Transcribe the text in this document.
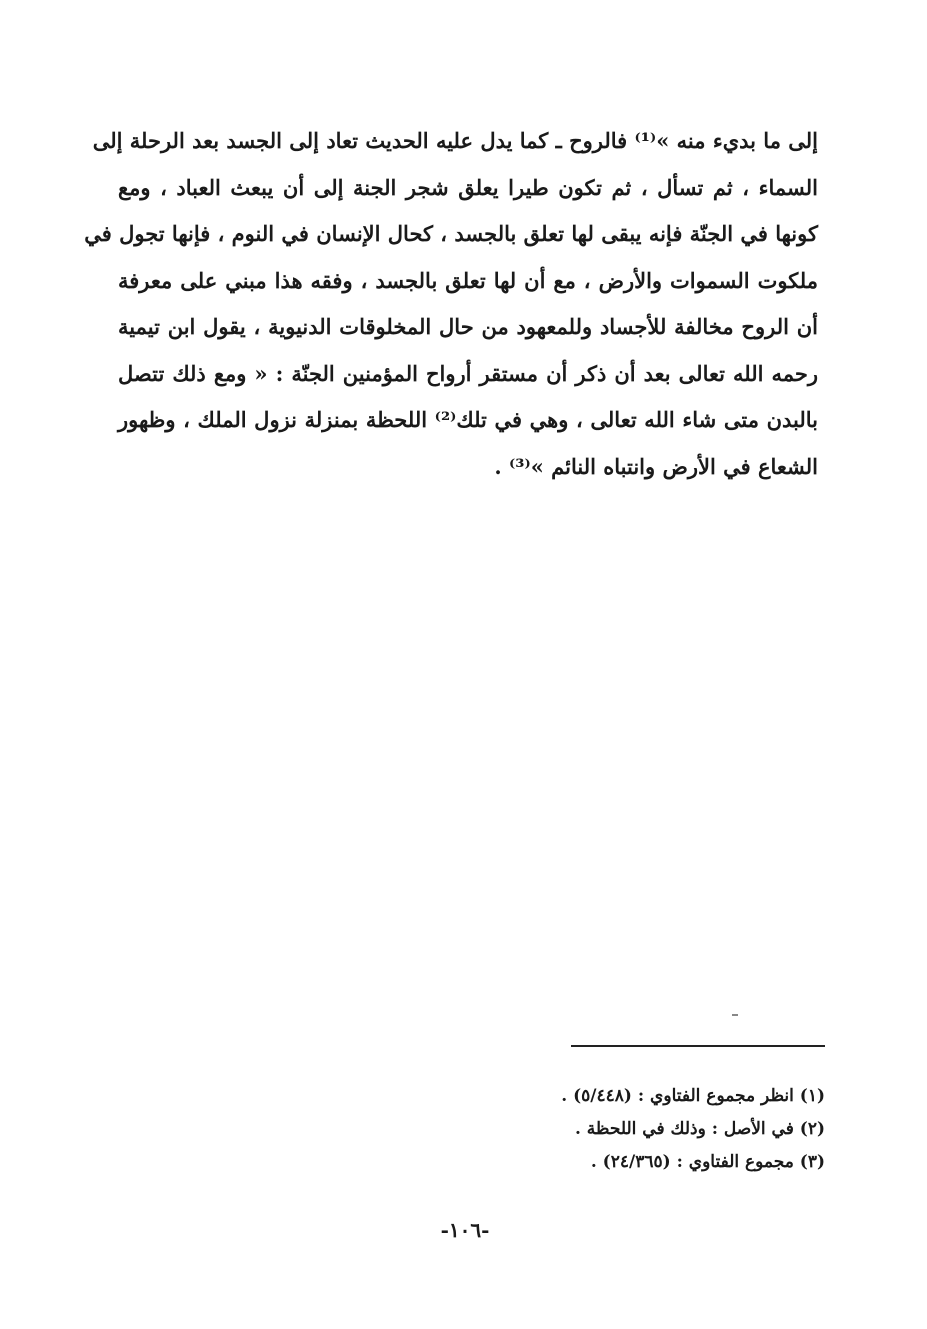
إلى ما بديء منه »⁽¹⁾ فالروح ـ كما يدل عليه الحديث تعاد إلى الجسد بعد الرحلة إلى
السماء ، ثم تسأل ، ثم تكون طيرا يعلق شجر الجنة إلى أن يبعث العباد ، ومع
كونها في الجنّة فإنه يبقى لها تعلق بالجسد ، كحال الإنسان في النوم ، فإنها تجول في
ملكوت السموات والأرض ، مع أن لها تعلق بالجسد ، وفقه هذا مبني على معرفة
أن الروح مخالفة للأجساد وللمعهود من حال المخلوقات الدنيوية ، يقول ابن تيمية
رحمه الله تعالى بعد أن ذكر أن مستقر أرواح المؤمنين الجنّة : « ومع ذلك تتصل
بالبدن متى شاء الله تعالى ، وهي في تلك⁽²⁾ اللحظة بمنزلة نزول الملك ، وظهور
الشعاع في الأرض وانتباه النائم »⁽³⁾ .
(١) انظر مجموع الفتاوي : (٥/٤٤٨) .
(٢) في الأصل : وذلك في اللحظة .
(٣) مجموع الفتاوي : (٢٤/٣٦٥) .
-١٠٦-
